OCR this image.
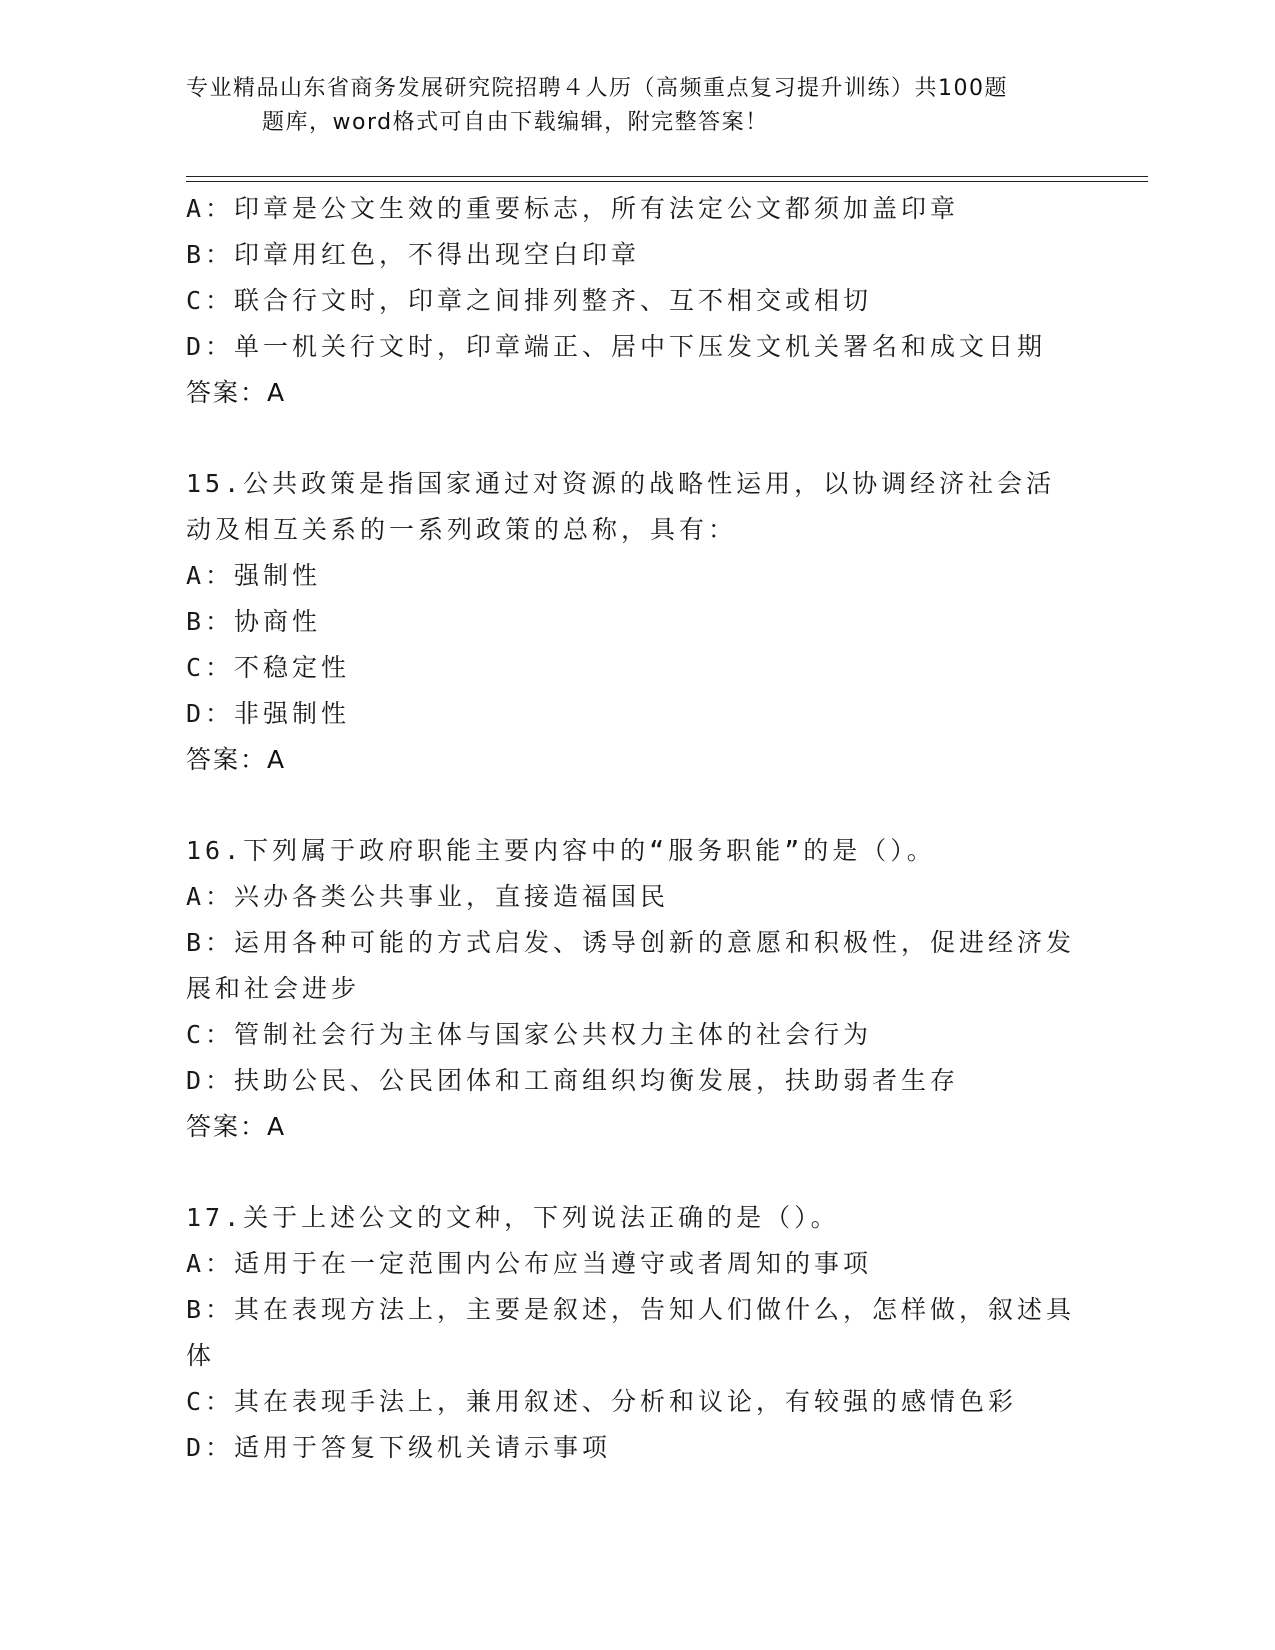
专业精品山东省商务发展研究院招聘４人历（高频重点复习提升训练）共100题
题库，word格式可自由下载编辑，附完整答案！
A：印章是公文生效的重要标志，所有法定公文都须加盖印章
B：印章用红色，不得出现空白印章
C：联合行文时，印章之间排列整齐、互不相交或相切
D：单一机关行文时，印章端正、居中下压发文机关署名和成文日期
答案：A
15.公共政策是指国家通过对资源的战略性运用，以协调经济社会活动及相互关系的一系列政策的总称，具有：
A：强制性
B：协商性
C：不稳定性
D：非强制性
答案：A
16.下列属于政府职能主要内容中的“服务职能”的是（）。
A：兴办各类公共事业，直接造福国民
B：运用各种可能的方式启发、诱导创新的意愿和积极性，促进经济发展和社会进步
C：管制社会行为主体与国家公共权力主体的社会行为
D：扶助公民、公民团体和工商组织均衡发展，扶助弱者生存
答案：A
17.关于上述公文的文种，下列说法正确的是（）。
A：适用于在一定范围内公布应当遵守或者周知的事项
B：其在表现方法上，主要是叙述，告知人们做什么，怎样做，叙述具体
C：其在表现手法上，兼用叙述、分析和议论，有较强的感情色彩
D：适用于答复下级机关请示事项
